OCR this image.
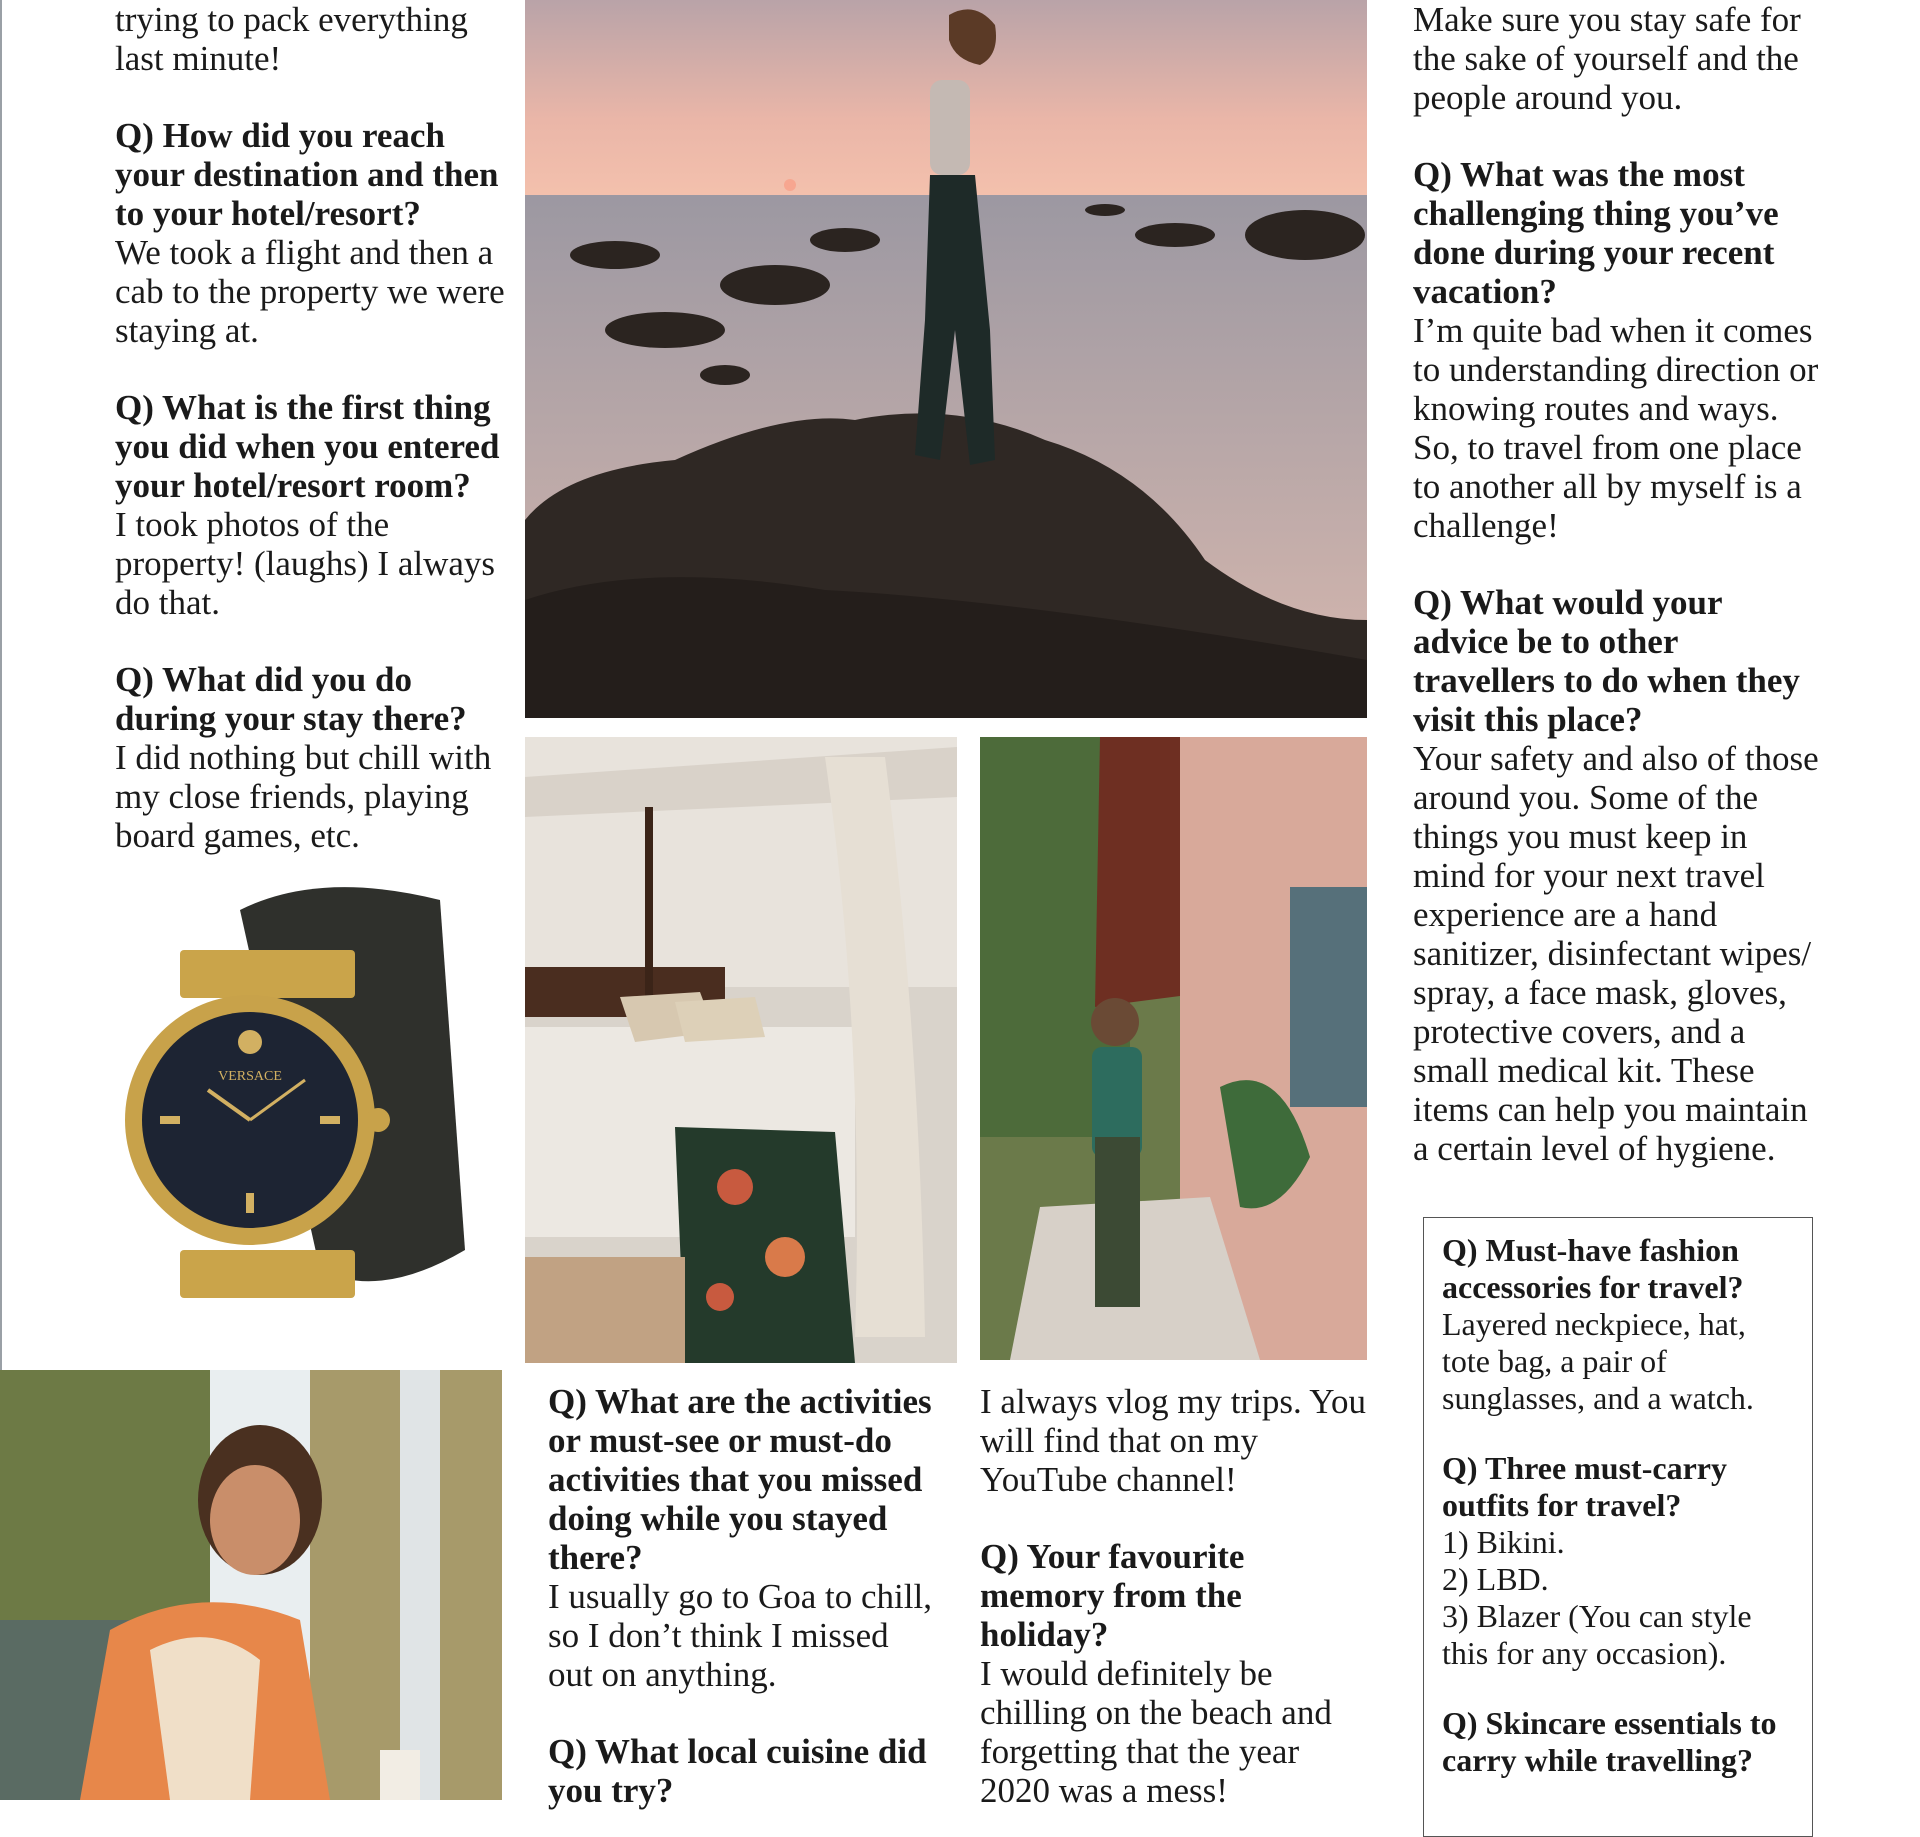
trying to pack everything last minute!

Q) How did you reach your destination and then to your hotel/resort?
We took a flight and then a cab to the property we were staying at.

Q) What is the first thing you did when you entered your hotel/resort room?
I took photos of the property! (laughs) I always do that.

Q) What did you do during your stay there?
I did nothing but chill with my close friends, playing board games, etc.

VERSACE

Q) What are the activities or must-see or must-do activities that you missed doing while you stayed there?
I usually go to Goa to chill, so I don’t think I missed out on anything.

Q) What local cuisine did you try?

I always vlog my trips. You will find that on my YouTube channel!

Q) Your favourite memory from the holiday?
I would definitely be chilling on the beach and forgetting that the year 2020 was a mess!

Make sure you stay safe for the sake of yourself and the people around you.

Q) What was the most challenging thing you’ve done during your recent vacation?
I’m quite bad when it comes to understanding direction or knowing routes and ways. So, to travel from one place to another all by myself is a challenge!

Q) What would your advice be to other travellers to do when they visit this place?
Your safety and also of those around you. Some of the things you must keep in mind for your next travel experience are a hand sanitizer, disinfectant wipes/ spray, a face mask, gloves, protective covers, and a small medical kit. These items can help you maintain a certain level of hygiene.

Q) Must-have fashion accessories for travel?
Layered neckpiece, hat, tote bag, a pair of sunglasses, and a watch.

Q) Three must-carry outfits for travel?
1) Bikini.
2) LBD.
3) Blazer (You can style this for any occasion).

Q) Skincare essentials to carry while travelling?
